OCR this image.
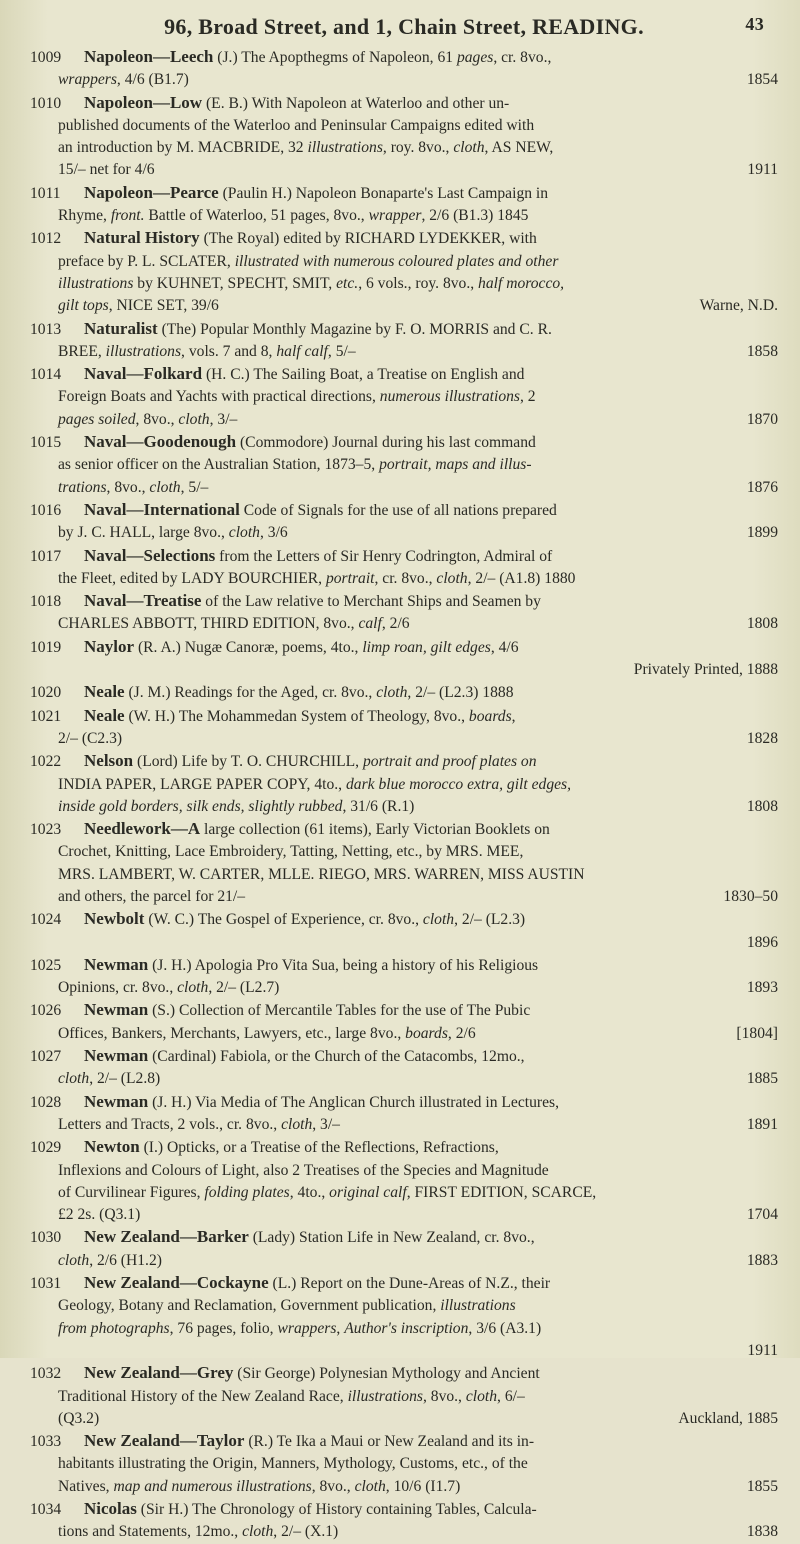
96, Broad Street, and 1, Chain Street, READING.	43
1009Napoleon—Leech (J.) The Apopthegms of Napoleon, 61 pages, cr. 8vo.,
wrappers, 4/6 (B1.7)	1854
1010Napoleon—Low (E. B.) With Napoleon at Waterloo and other un-
published documents of the Waterloo and Peninsular Campaigns edited with
an introduction by M. MACBRIDE, 32 illustrations, roy. 8vo., cloth, AS NEW,
15/– net for 4/6	1911
1011Napoleon—Pearce (Paulin H.) Napoleon Bonaparte's Last Campaign in
Rhyme, front. Battle of Waterloo, 51 pages, 8vo., wrapper, 2/6 (B1.3) 1845
1012Natural History (The Royal) edited by RICHARD LYDEKKER, with
preface by P. L. SCLATER, illustrated with numerous coloured plates and other
illustrations by KUHNET, SPECHT, SMIT, etc., 6 vols., roy. 8vo., half morocco,
gilt tops, NICE SET, 39/6	Warne, N.D.
1013Naturalist (The) Popular Monthly Magazine by F. O. MORRIS and C. R.
BREE, illustrations, vols. 7 and 8, half calf, 5/–	1858
1014Naval—Folkard (H. C.) The Sailing Boat, a Treatise on English and
Foreign Boats and Yachts with practical directions, numerous illustrations, 2
pages soiled, 8vo., cloth, 3/–	1870
1015Naval—Goodenough (Commodore) Journal during his last command
as senior officer on the Australian Station, 1873–5, portrait, maps and illus-
trations, 8vo., cloth, 5/–	1876
1016Naval—International Code of Signals for the use of all nations prepared
by J. C. HALL, large 8vo., cloth, 3/6	1899
1017Naval—Selections from the Letters of Sir Henry Codrington, Admiral of
the Fleet, edited by LADY BOURCHIER, portrait, cr. 8vo., cloth, 2/– (A1.8) 1880
1018Naval—Treatise of the Law relative to Merchant Ships and Seamen by
CHARLES ABBOTT, THIRD EDITION, 8vo., calf, 2/6	1808
1019Naylor (R. A.) Nugæ Canoræ, poems, 4to., limp roan, gilt edges, 4/6
Privately Printed, 1888
1020Neale (J. M.) Readings for the Aged, cr. 8vo., cloth, 2/– (L2.3) 1888
1021Neale (W. H.) The Mohammedan System of Theology, 8vo., boards,
2/– (C2.3)	1828
1022Nelson (Lord) Life by T. O. CHURCHILL, portrait and proof plates on
INDIA PAPER, LARGE PAPER COPY, 4to., dark blue morocco extra, gilt edges,
inside gold borders, silk ends, slightly rubbed, 31/6 (R.1)	1808
1023Needlework—A large collection (61 items), Early Victorian Booklets on
Crochet, Knitting, Lace Embroidery, Tatting, Netting, etc., by MRS. MEE,
MRS. LAMBERT, W. CARTER, MLLE. RIEGO, MRS. WARREN, MISS AUSTIN
and others, the parcel for 21/–	1830–50
1024Newbolt (W. C.) The Gospel of Experience, cr. 8vo., cloth, 2/– (L2.3)
1896
1025Newman (J. H.) Apologia Pro Vita Sua, being a history of his Religious
Opinions, cr. 8vo., cloth, 2/– (L2.7)	1893
1026Newman (S.) Collection of Mercantile Tables for the use of The Pubic
Offices, Bankers, Merchants, Lawyers, etc., large 8vo., boards, 2/6	[1804]
1027Newman (Cardinal) Fabiola, or the Church of the Catacombs, 12mo.,
cloth, 2/– (L2.8)	1885
1028Newman (J. H.) Via Media of The Anglican Church illustrated in Lectures,
Letters and Tracts, 2 vols., cr. 8vo., cloth, 3/–	1891
1029Newton (I.) Opticks, or a Treatise of the Reflections, Refractions,
Inflexions and Colours of Light, also 2 Treatises of the Species and Magnitude
of Curvilinear Figures, folding plates, 4to., original calf, FIRST EDITION, SCARCE,
£2 2s. (Q3.1)	1704
1030New Zealand—Barker (Lady) Station Life in New Zealand, cr. 8vo.,
cloth, 2/6 (H1.2)	1883
1031New Zealand—Cockayne (L.) Report on the Dune-Areas of N.Z., their
Geology, Botany and Reclamation, Government publication, illustrations
from photographs, 76 pages, folio, wrappers, Author's inscription, 3/6 (A3.1)
1911
1032New Zealand—Grey (Sir George) Polynesian Mythology and Ancient
Traditional History of the New Zealand Race, illustrations, 8vo., cloth, 6/–
(Q3.2)	Auckland, 1885
1033New Zealand—Taylor (R.) Te Ika a Maui or New Zealand and its in-
habitants illustrating the Origin, Manners, Mythology, Customs, etc., of the
Natives, map and numerous illustrations, 8vo., cloth, 10/6 (I1.7)	1855
1034Nicolas (Sir H.) The Chronology of History containing Tables, Calcula-
tions and Statements, 12mo., cloth, 2/– (X.1)	1838
